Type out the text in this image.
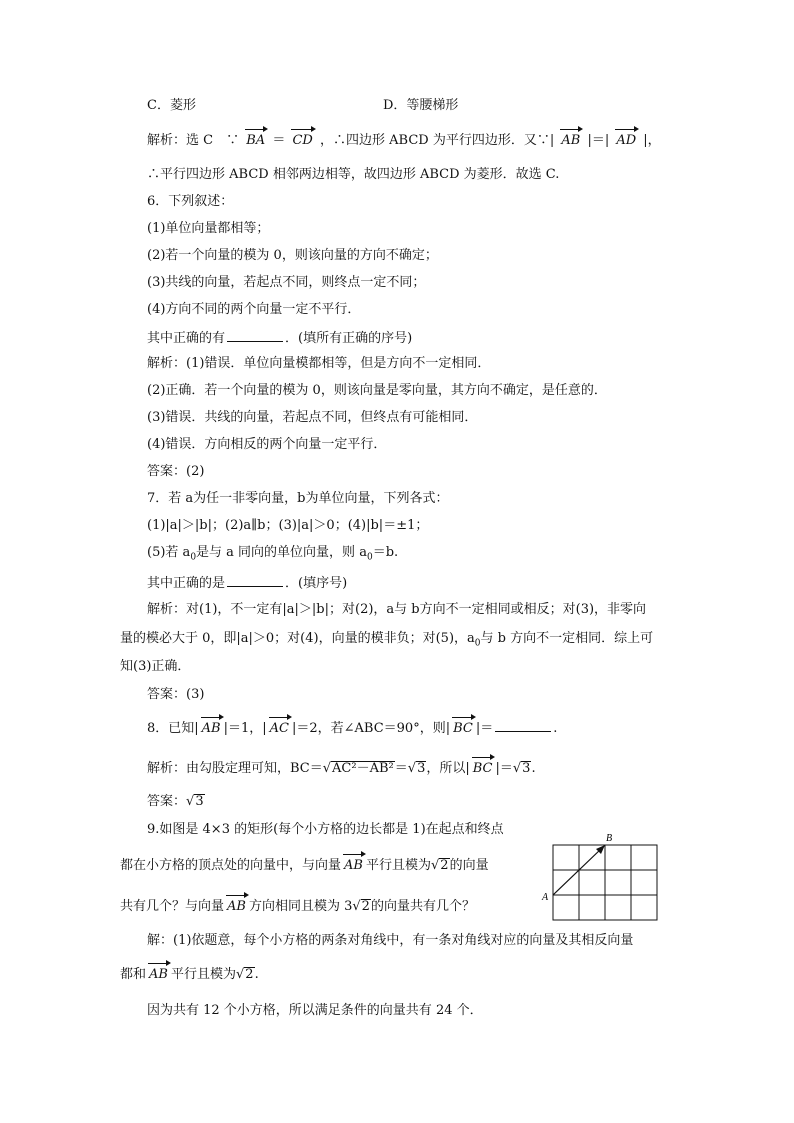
C．菱形	D．等腰梯形
解析：选 C　∵ BA ＝ CD ，∴四边形 ABCD 为平行四边形．又∵| AB |＝| AD |，
∴平行四边形 ABCD 相邻两边相等，故四边形 ABCD 为菱形．故选 C.
6．下列叙述：
(1)单位向量都相等；
(2)若一个向量的模为 0，则该向量的方向不确定；
(3)共线的向量，若起点不同，则终点一定不同；
(4)方向不同的两个向量一定不平行．
其中正确的有	．(填所有正确的序号)
解析：(1)错误．单位向量模都相等，但是方向不一定相同．
(2)正确．若一个向量的模为 0，则该向量是零向量，其方向不确定，是任意的．
(3)错误．共线的向量，若起点不同，但终点有可能相同．
(4)错误．方向相反的两个向量一定平行．
答案：(2)
7．若 a为任一非零向量，b为单位向量，下列各式：
(1)|a|＞|b|；(2)a∥b；(3)|a|＞0；(4)|b|＝±1；
(5)若 $a_0$是与 a 同向的单位向量，则 $a_0=b$.
其中正确的是	．(填序号)
解析：对(1)，不一定有|a|＞|b|；对(2)，a与 b方向不一定相同或相反；对(3)，非零向
量的模必大于 0，即|a|＞0；对(4)，向量的模非负；对(5)，$a_0$与 b 方向不一定相同．综上可
知(3)正确．
答案：(3)
8．已知| AB |＝1，| AC |＝2，若∠ABC＝90°，则| BC |＝	.
解析：由勾股定理可知，BC＝√AC²－AB²＝√3，所以| BC |＝√3.
答案：√3
9.如图是 4×3 的矩形(每个小方格的边长都是 1)在起点和终点
都在小方格的顶点处的向量中，与向量 AB 平行且模为√2的向量
共有几个？与向量 AB 方向相同且模为 3√2的向量共有几个？
A
B
解：(1)依题意，每个小方格的两条对角线中，有一条对角线对应的向量及其相反向量
都和 AB 平行且模为√2.
因为共有 12 个小方格，所以满足条件的向量共有 24 个．
